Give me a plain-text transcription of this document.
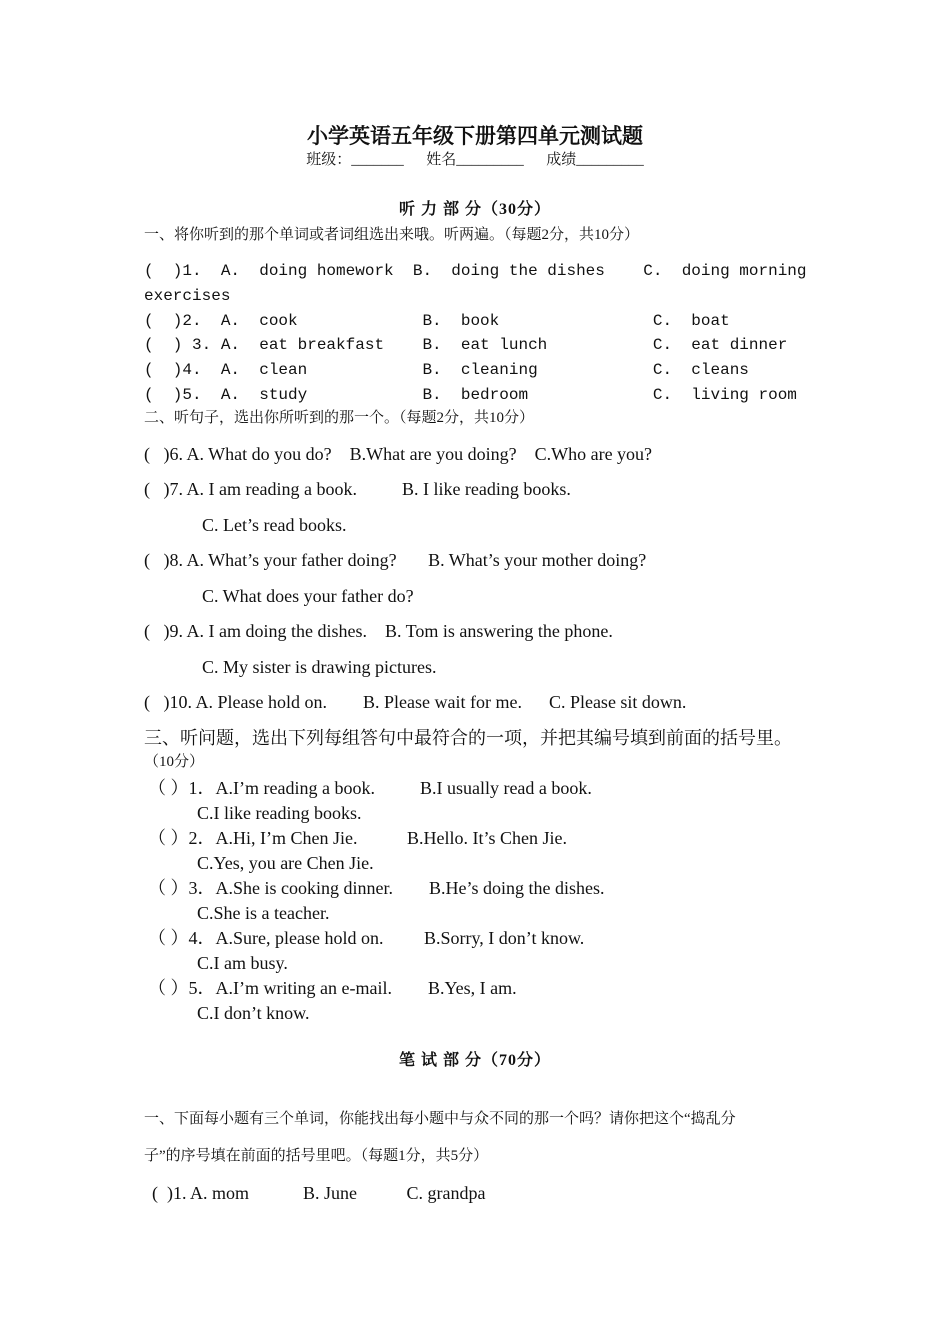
小学英语五年级下册第四单元测试题
班级：_______      姓名_________      成绩_________
听 力 部 分（30分）
一、将你听到的那个单词或者词组选出来哦。听两遍。（每题2分，共10分）
(  )1.  A.  doing homework  B.  doing the dishes    C.  doing morning
exercises
(  )2.  A.  cook             B.  book                C.  boat
(  ) 3. A.  eat breakfast    B.  eat lunch           C.  eat dinner
(  )4.  A.  clean            B.  cleaning            C.  cleans
(  )5.  A.  study            B.  bedroom             C.  living room
二、听句子，选出你所听到的那一个。（每题2分，共10分）
(   )6. A. What do you do?    B.What are you doing?    C.Who are you?
(   )7. A. I am reading a book.          B. I like reading books.
C. Let’s read books.
(   )8. A. What’s your father doing?       B. What’s your mother doing?
C. What does your father do?
(   )9. A. I am doing the dishes.    B. Tom is answering the phone.
C. My sister is drawing pictures.
(   )10. A. Please hold on.        B. Please wait for me.      C. Please sit down.
三、听问题，选出下列每组答句中最符合的一项，并把其编号填到前面的括号里。
（10分）
（ ）1．A.I’m reading a book.          B.I usually read a book.
C.I like reading books.
（ ）2．A.Hi, I’m Chen Jie.           B.Hello. It’s Chen Jie.
C.Yes, you are Chen Jie.
（ ）3．A.She is cooking dinner.        B.He’s doing the dishes.
C.She is a teacher.
（ ）4．A.Sure, please hold on.         B.Sorry, I don’t know.
C.I am busy.
（ ）5．A.I’m writing an e-mail.        B.Yes, I am.
C.I don’t know.
笔 试 部 分（70分）
一、下面每小题有三个单词，你能找出每小题中与众不同的那一个吗？请你把这个“捣乱分
子”的序号填在前面的括号里吧。（每题1分，共5分）
(  )1. A. mom            B. June           C. grandpa
